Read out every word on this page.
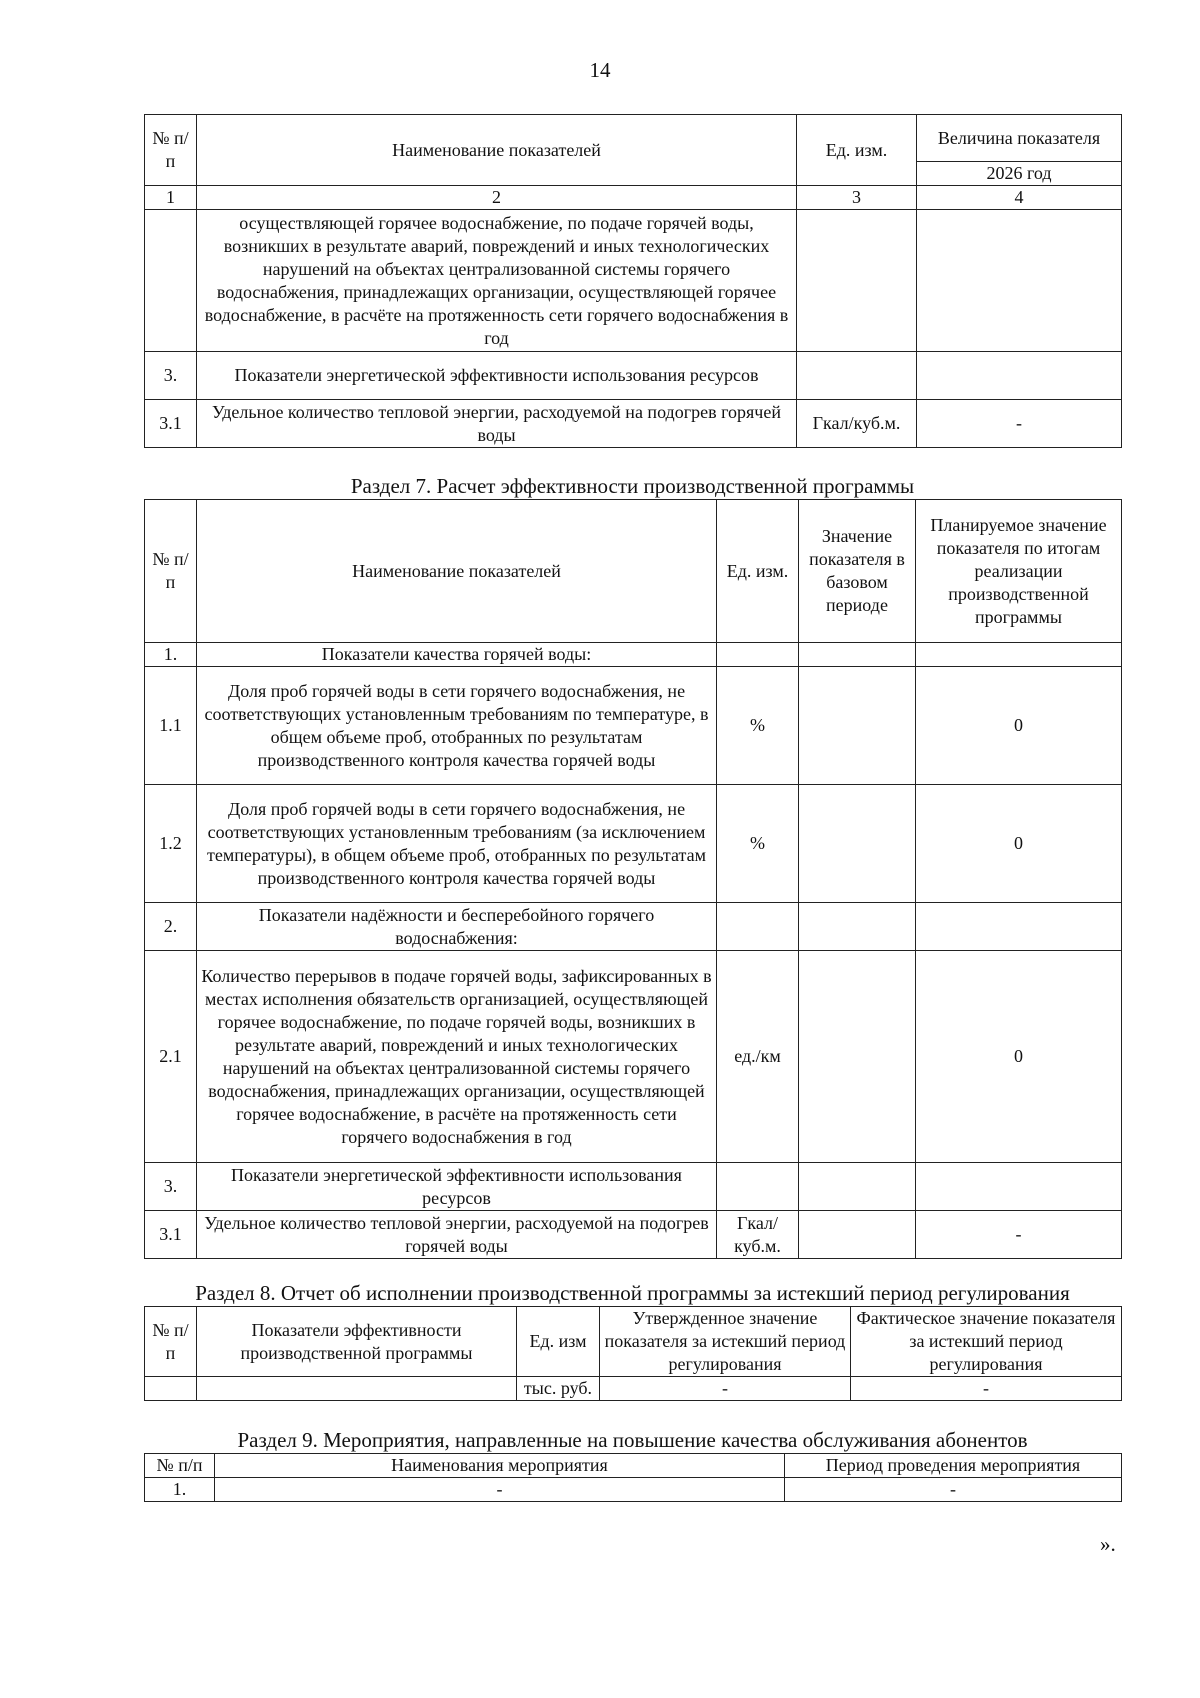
14
№ п/п	Наименование показателей	Ед. изм.	Величина показателя
			2026 год
1	2	3	4
	осуществляющей горячее водоснабжение, по подаче горячей воды, возникших в результате аварий, повреждений и иных технологических нарушений на объектах централизованной системы горячего водоснабжения, принадлежащих организации, осуществляющей горячее водоснабжение, в расчёте на протяженность сети горячего водоснабжения в год		
3.	Показатели энергетической эффективности использования ресурсов		
3.1	Удельное количество тепловой энергии, расходуемой на подогрев горячей воды	Гкал/куб.м.	-
Раздел 7. Расчет эффективности производственной программы
№ п/п	Наименование показателей	Ед. изм.	Значение показателя в базовом периоде	Планируемое значение показателя по итогам реализации производственной программы
1.	Показатели качества горячей воды:			
1.1	Доля проб горячей воды в сети горячего водоснабжения, не соответствующих установленным требованиям по температуре, в общем объеме проб, отобранных по результатам производственного контроля качества горячей воды	%		0
1.2	Доля проб горячей воды в сети горячего водоснабжения, не соответствующих установленным требованиям (за исключением температуры), в общем объеме проб, отобранных по результатам производственного контроля качества горячей воды	%		0
2.	Показатели надёжности и бесперебойного горячего водоснабжения:			
2.1	Количество перерывов в подаче горячей воды, зафиксированных в местах исполнения обязательств организацией, осуществляющей горячее водоснабжение, по подаче горячей воды, возникших в результате аварий, повреждений и иных технологических нарушений на объектах централизованной системы горячего водоснабжения, принадлежащих организации, осуществляющей горячее водоснабжение, в расчёте на протяженность сети горячего водоснабжения в год	ед./км		0
3.	Показатели энергетической эффективности использования ресурсов			
3.1	Удельное количество тепловой энергии, расходуемой на подогрев горячей воды	Гкал/ куб.м.		-
Раздел 8. Отчет об исполнении производственной программы за истекший период регулирования
№ п/п	Показатели эффективности производственной программы	Ед. изм	Утвержденное значение показателя за истекший период регулирования	Фактическое значение показателя за истекший период регулирования
		тыс. руб.	-	-
Раздел 9. Мероприятия, направленные на повышение качества обслуживания абонентов
№ п/п	Наименования мероприятия	Период проведения мероприятия
1.	-	-
».
